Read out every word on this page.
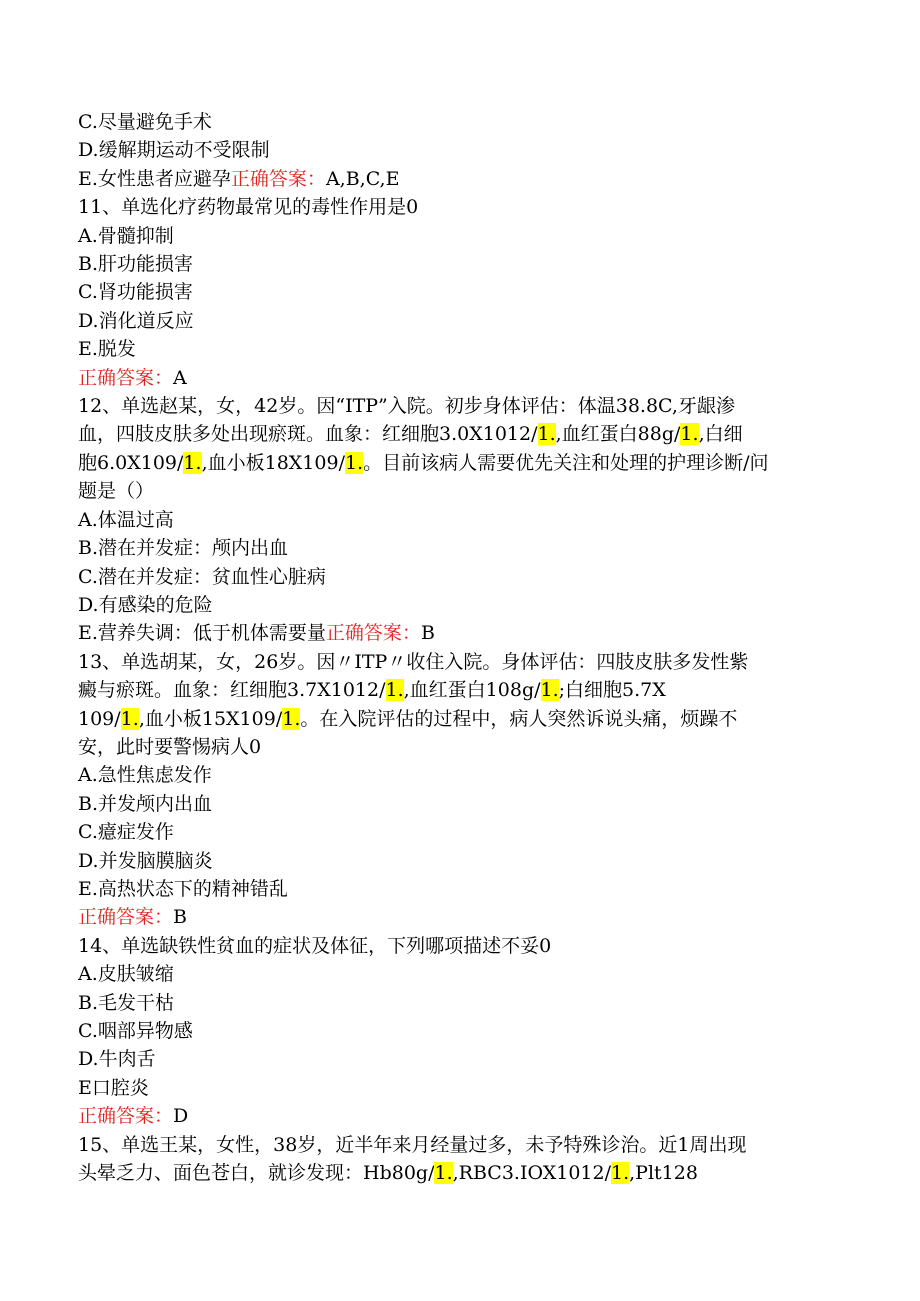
C.尽量避免手术
D.缓解期运动不受限制
E.女性患者应避孕正确答案：A,B,C,E
11、单选化疗药物最常见的毒性作用是0
A.骨髓抑制
B.肝功能损害
C.肾功能损害
D.消化道反应
E.脱发
正确答案：A
12、单选赵某，女，42岁。因“ITP”入院。初步身体评估：体温38.8C,牙龈渗
血，四肢皮肤多处出现瘀斑。血象：红细胞3.0X1012/1.,血红蛋白88g/1.,白细
胞6.0X109/1.,血小板18X109/1.。目前该病人需要优先关注和处理的护理诊断/问
题是（）
A.体温过高
B.潜在并发症：颅内出血
C.潜在并发症：贫血性心脏病
D.有感染的危险
E.营养失调：低于机体需要量正确答案：B
13、单选胡某，女，26岁。因〃ITP〃收住入院。身体评估：四肢皮肤多发性紫
癜与瘀斑。血象：红细胞3.7X1012/1.,血红蛋白108g/1.;白细胞5.7X
109/1.,血小板15X109/1.。在入院评估的过程中，病人突然诉说头痛，烦躁不
安，此时要警惕病人0
A.急性焦虑发作
B.并发颅内出血
C.癔症发作
D.并发脑膜脑炎
E.高热状态下的精神错乱
正确答案：B
14、单选缺铁性贫血的症状及体征，下列哪项描述不妥0
A.皮肤皱缩
B.毛发干枯
C.咽部异物感
D.牛肉舌
E口腔炎
正确答案：D
15、单选王某，女性，38岁，近半年来月经量过多，未予特殊诊治。近1周出现
头晕乏力、面色苍白，就诊发现：Hb80g/1.,RBC3.IOX1012/1.,Plt128
